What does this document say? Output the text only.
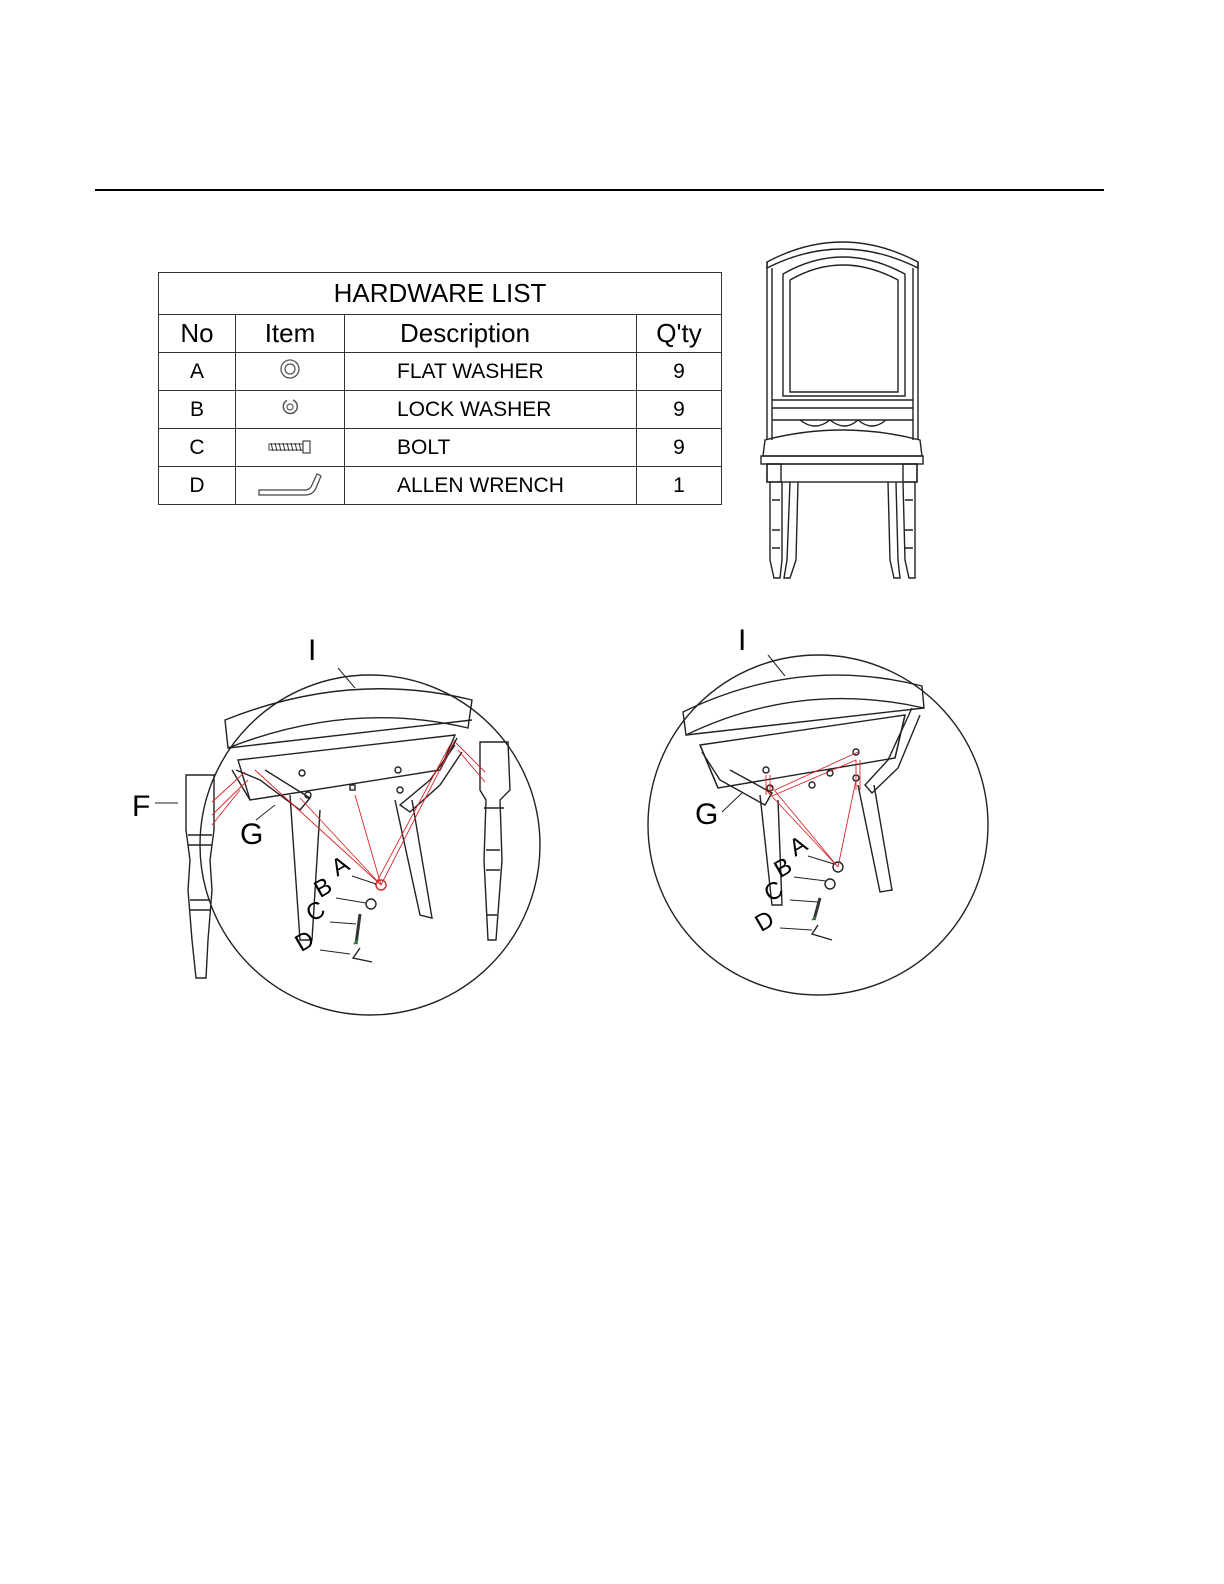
HARDWARE LIST			
No	Item	Description	Q'ty
A		FLAT WASHER	9
B		LOCK WASHER	9
C		BOLT	9
D		ALLEN WRENCH	1
I
F
G
A
B
C
D
I
G
A
B
C
D
